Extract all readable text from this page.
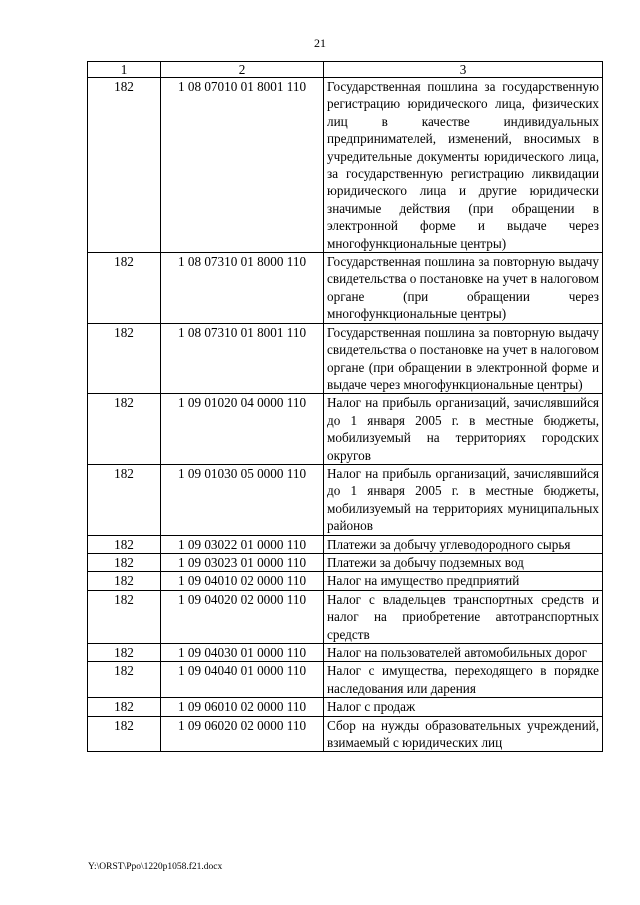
21
1	2	3
182	1 08 07010 01 8001 110	Государственная пошлина за государственную регистрацию юридического лица, физических лиц в качестве индивидуальных предпринимателей, изменений, вносимых в учредительные документы юридического лица, за государственную регистрацию ликвидации юридического лица и другие юридически значимые действия (при обращении в электронной форме и выдаче через многофункциональные центры)
182	1 08 07310 01 8000 110	Государственная пошлина за повторную выдачу свидетельства о постановке на учет в налоговом органе (при обращении через многофункциональные центры)
182	1 08 07310 01 8001 110	Государственная пошлина за повторную выдачу свидетельства о постановке на учет в налоговом органе (при обращении в электронной форме и выдаче через многофункциональные центры)
182	1 09 01020 04 0000 110	Налог на прибыль организаций, зачислявшийся до 1 января 2005 г. в местные бюджеты, мобилизуемый на территориях городских округов
182	1 09 01030 05 0000 110	Налог на прибыль организаций, зачислявшийся до 1 января 2005 г. в местные бюджеты, мобилизуемый на территориях муниципальных районов
182	1 09 03022 01 0000 110	Платежи за добычу углеводородного сырья
182	1 09 03023 01 0000 110	Платежи за добычу подземных вод
182	1 09 04010 02 0000 110	Налог на имущество предприятий
182	1 09 04020 02 0000 110	Налог с владельцев транспортных средств и налог на приобретение автотранспортных средств
182	1 09 04030 01 0000 110	Налог на пользователей автомобильных дорог
182	1 09 04040 01 0000 110	Налог с имущества, переходящего в порядке наследования или дарения
182	1 09 06010 02 0000 110	Налог с продаж
182	1 09 06020 02 0000 110	Сбор на нужды образовательных учреждений, взимаемый с юридических лиц
Y:\ORST\Ppo\1220p1058.f21.docx
